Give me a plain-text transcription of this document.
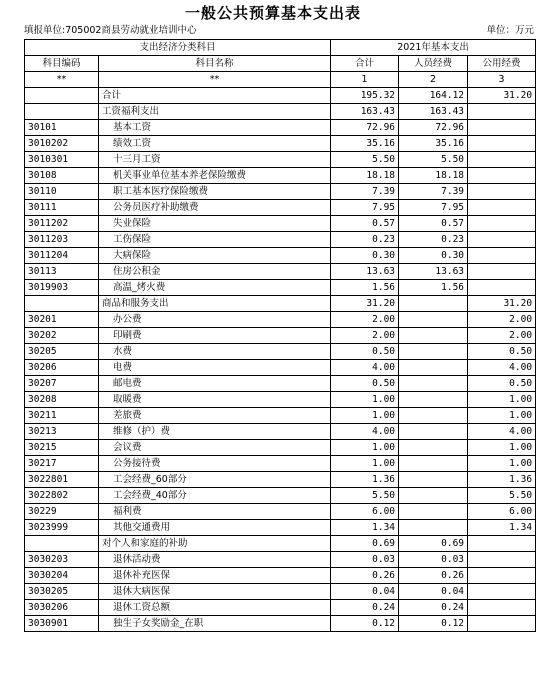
一般公共预算基本支出表
填报单位:705002商县劳动就业培训中心	单位：万元
支出经济分类科目		2021年基本支出		
科目编码	科目名称	合计	人员经费	公用经费
**	**	1	2	3
	合计	195.32	164.12	31.20
	工资福利支出	163.43	163.43	
30101	基本工资	72.96	72.96	
3010202	绩效工资	35.16	35.16	
3010301	十三月工资	5.50	5.50	
30108	机关事业单位基本养老保险缴费	18.18	18.18	
30110	职工基本医疗保险缴费	7.39	7.39	
30111	公务员医疗补助缴费	7.95	7.95	
3011202	失业保险	0.57	0.57	
3011203	工伤保险	0.23	0.23	
3011204	大病保险	0.30	0.30	
30113	住房公积金	13.63	13.63	
3019903	高温_烤火费	1.56	1.56	
	商品和服务支出	31.20		31.20
30201	办公费	2.00		2.00
30202	印刷费	2.00		2.00
30205	水费	0.50		0.50
30206	电费	4.00		4.00
30207	邮电费	0.50		0.50
30208	取暖费	1.00		1.00
30211	差旅费	1.00		1.00
30213	维修（护）费	4.00		4.00
30215	会议费	1.00		1.00
30217	公务接待费	1.00		1.00
3022801	工会经费_60部分	1.36		1.36
3022802	工会经费_40部分	5.50		5.50
30229	福利费	6.00		6.00
3023999	其他交通费用	1.34		1.34
	对个人和家庭的补助	0.69	0.69	
3030203	退休活动费	0.03	0.03	
3030204	退休补充医保	0.26	0.26	
3030205	退休大病医保	0.04	0.04	
3030206	退休工资总额	0.24	0.24	
3030901	独生子女奖励金_在职	0.12	0.12	
